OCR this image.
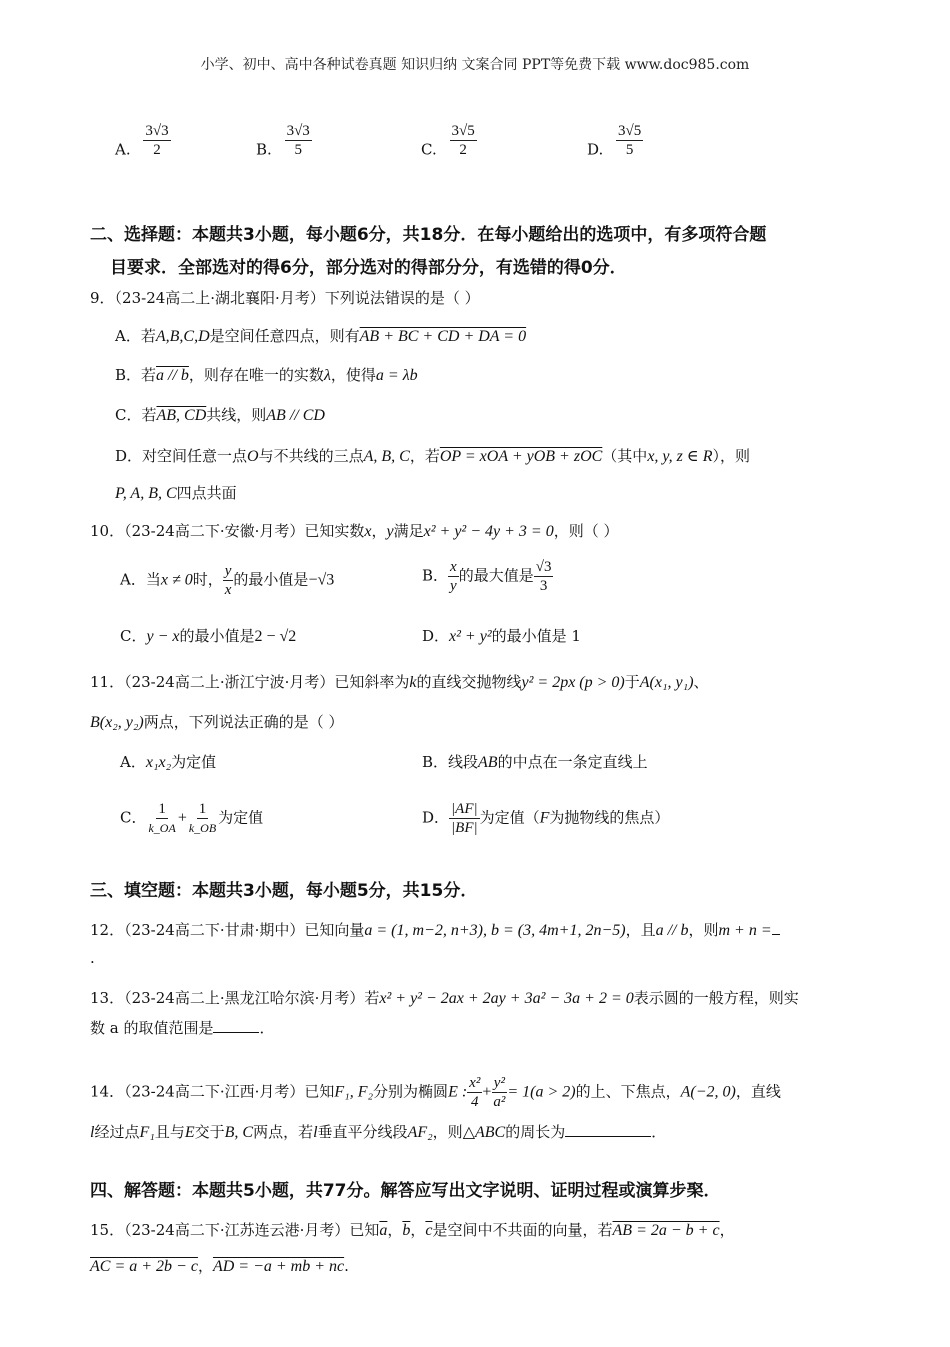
小学、初中、高中各种试卷真题 知识归纳 文案合同 PPT等免费下载 www.doc985.com
A. $\frac{3√3}{2}$	B. $\frac{3√3}{5}$	C. $\frac{3√5}{2}$	D. $\frac{3√5}{5}$
二、选择题：本题共3小题，每小题6分，共18分．在每小题给出的选项中，有多项符合题
目要求．全部选对的得6分，部分选对的得部分分，有选错的得0分．
9．（23-24高二上·湖北襄阳·月考）下列说法错误的是（ ）
A．若A,B,C,D是空间任意四点，则有AB + BC + CD + DA = 0
B．若a // b，则存在唯一的实数λ，使得a = λb
C．若AB, CD共线，则AB // CD
D．对空间任意一点O与不共线的三点A, B, C，若OP = xOA + yOB + zOC（其中x, y, z ∈ R），则
P, A, B, C四点共面
10．（23-24高二下·安徽·月考）已知实数x，y满足x² + y² − 4y + 3 = 0，则（ ）
A．当x ≠ 0时， $\frac{y}{x}$ 的最小值是−√3	B． $\frac{x}{y}$ 的最大值是 $\frac{√3}{3}$
C．y − x的最小值是2 − √2	D．x² + y²的最小值是 1
11．（23-24高二上·浙江宁波·月考）已知斜率为k的直线交抛物线y² = 2px (p > 0)于A(x₁, y₁)、
B(x₂, y₂)两点，下列说法正确的是（ ）
A．x₁x₂为定值	B．线段AB的中点在一条定直线上
C． $\frac{1}{k\_OA} + \frac{1}{k\_OB}$ 为定值	D． $\frac{|AF|}{|BF|}$ 为定值（F为抛物线的焦点）
三、填空题：本题共3小题，每小题5分，共15分．
12．（23-24高二下·甘肃·期中）已知向量a = (1, m−2, n+3), b = (3, 4m+1, 2n−5)，且a // b，则m + n =
.
13．（23-24高二上·黑龙江哈尔滨·月考）若x² + y² − 2ax + 2ay + 3a² − 3a + 2 = 0表示圆的一般方程，则实
数 a 的取值范围是	．
14．（23-24高二下·江西·月考）已知F₁, F₂分别为椭圆E : $\frac{\text{x²}}{4} + \frac{\text{y²}}{\text{a²}} = 1(a > 2)$的上、下焦点，A(−2, 0)，直线
l经过点F₁且与E交于B, C两点，若l垂直平分线段AF₂，则△ABC的周长为	．
四、解答题：本题共5小题，共77分。解答应写出文字说明、证明过程或演算步棸．
15．（23-24高二下·江苏连云港·月考）已知$\overline{a}$，$\overline{b}$，$\overline{c}$是空间中不共面的向量，若AB = 2a − b + c，
AC = a + 2b − c，AD = −a + mb + nc.
